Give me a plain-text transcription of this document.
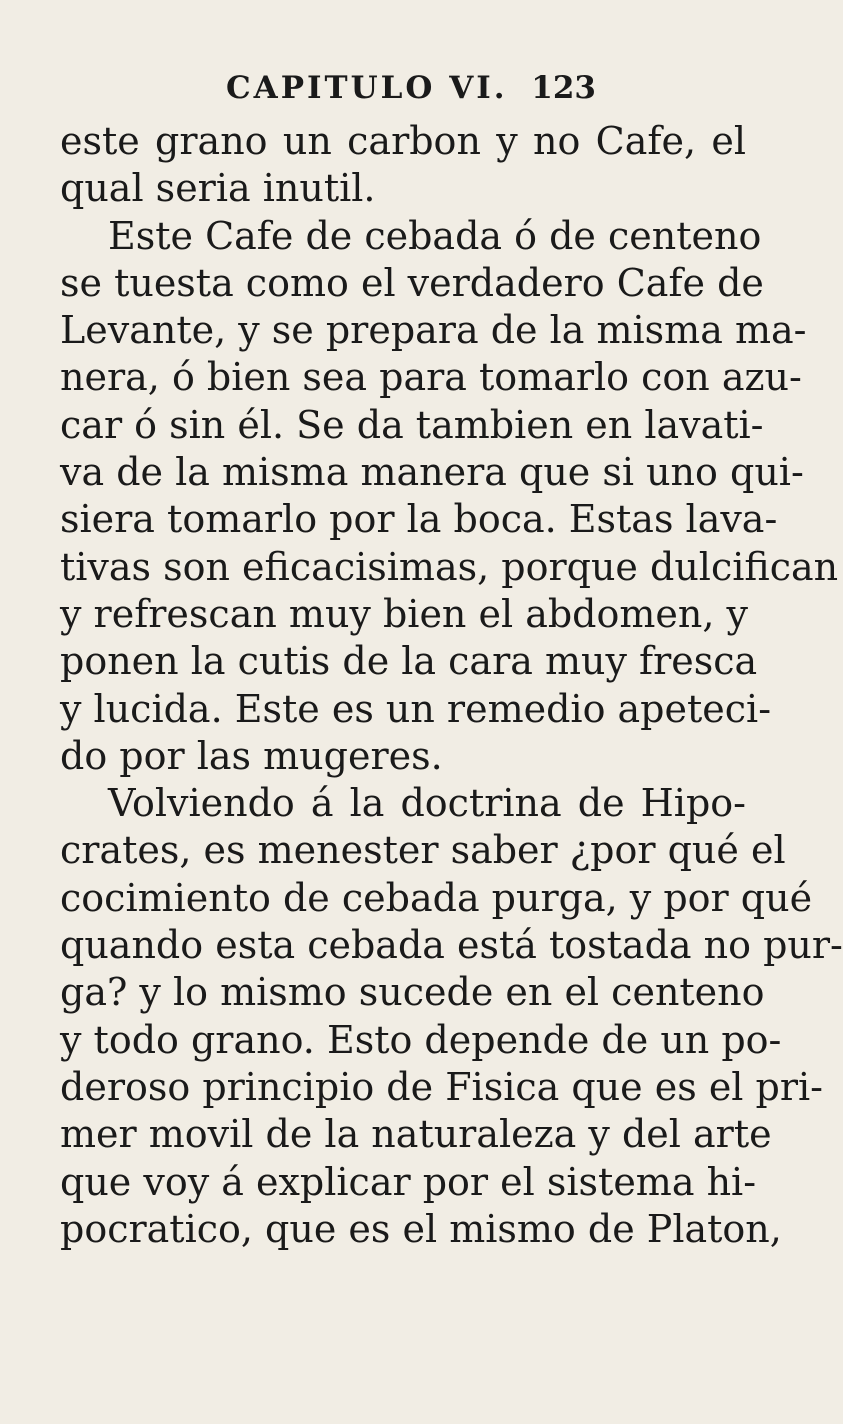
CAPITULO VI. 123
este grano un carbon y no Cafe, el
qual seria inutil.
Este Cafe de cebada ó de centeno
se tuesta como el verdadero Cafe de
Levante, y se prepara de la misma ma-
nera, ó bien sea para tomarlo con azu-
car ó sin él. Se da tambien en lavati-
va de la misma manera que si uno qui-
siera tomarlo por la boca. Estas lava-
tivas son eficacisimas, porque dulcifican
y refrescan muy bien el abdomen, y
ponen la cutis de la cara muy fresca
y lucida. Este es un remedio apeteci-
do por las mugeres.
Volviendo á la doctrina de Hipo-
crates, es menester saber ¿por qué el
cocimiento de cebada purga, y por qué
quando esta cebada está tostada no pur-
ga? y lo mismo sucede en el centeno
y todo grano. Esto depende de un po-
deroso principio de Fisica que es el pri-
mer movil de la naturaleza y del arte
que voy á explicar por el sistema hi-
pocratico, que es el mismo de Platon,
